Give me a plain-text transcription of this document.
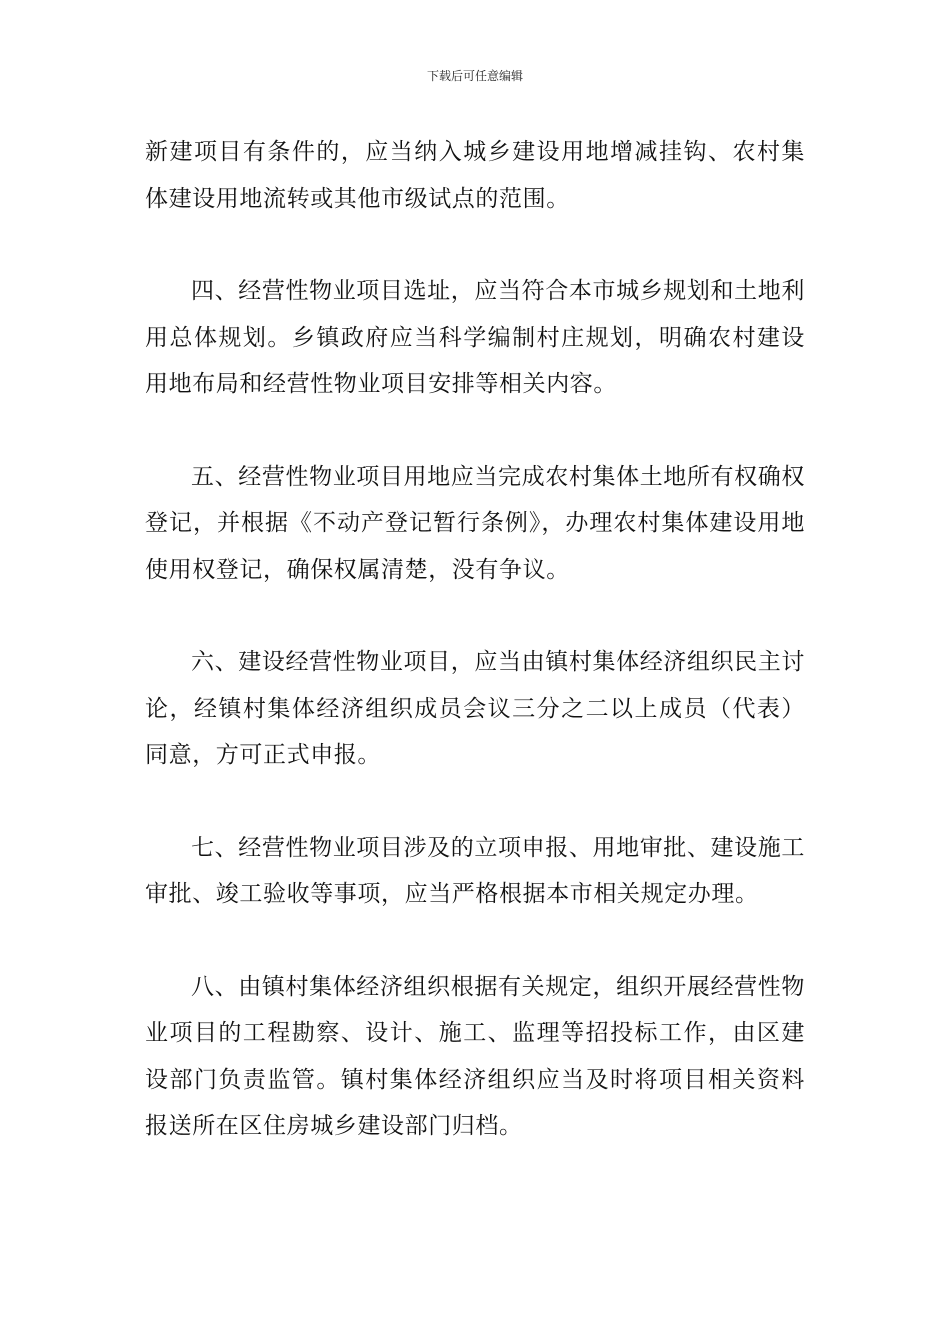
下载后可任意编辑

新建项目有条件的，应当纳入城乡建设用地增减挂钩、农村集体建设用地流转或其他市级试点的范围。

四、经营性物业项目选址，应当符合本市城乡规划和土地利用总体规划。乡镇政府应当科学编制村庄规划，明确农村建设用地布局和经营性物业项目安排等相关内容。

五、经营性物业项目用地应当完成农村集体土地所有权确权登记，并根据《不动产登记暂行条例》，办理农村集体建设用地使用权登记，确保权属清楚，没有争议。

六、建设经营性物业项目，应当由镇村集体经济组织民主讨论，经镇村集体经济组织成员会议三分之二以上成员（代表）同意，方可正式申报。

七、经营性物业项目涉及的立项申报、用地审批、建设施工审批、竣工验收等事项，应当严格根据本市相关规定办理。

八、由镇村集体经济组织根据有关规定，组织开展经营性物业项目的工程勘察、设计、施工、监理等招投标工作，由区建设部门负责监管。镇村集体经济组织应当及时将项目相关资料报送所在区住房城乡建设部门归档。
